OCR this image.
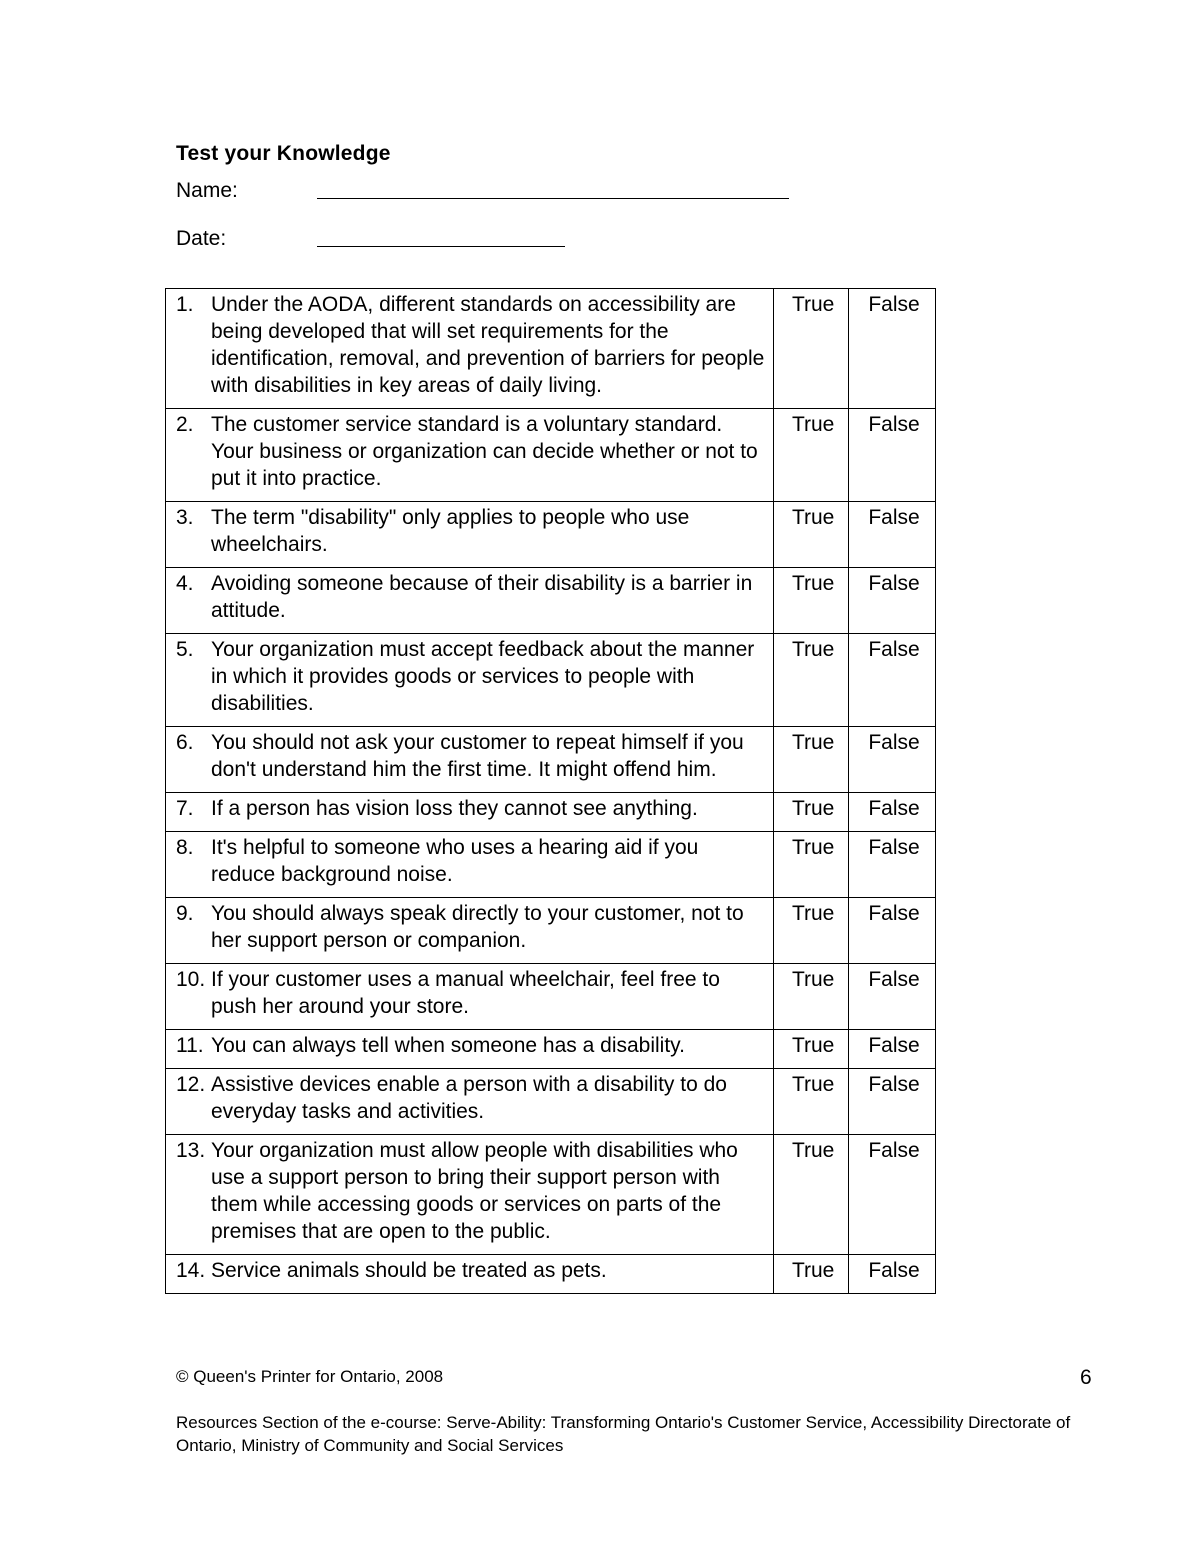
Test your Knowledge
Name:
Date:
1. Under the AODA, different standards on accessibility are being developed that will set requirements for the identification, removal, and prevention of barriers for people with disabilities in key areas of daily living.	True	False

2. The customer service standard is a voluntary standard. Your business or organization can decide whether or not to put it into practice.	True	False

3. The term "disability" only applies to people who use wheelchairs.	True	False

4. Avoiding someone because of their disability is a barrier in attitude.	True	False

5. Your organization must accept feedback about the manner in which it provides goods or services to people with disabilities.	True	False

6. You should not ask your customer to repeat himself if you don't understand him the first time. It might offend him.	True	False

7. If a person has vision loss they cannot see anything.	True	False

8. It's helpful to someone who uses a hearing aid if you reduce background noise.	True	False

9. You should always speak directly to your customer, not to her support person or companion.	True	False

10. If your customer uses a manual wheelchair, feel free to push her around your store.	True	False

11. You can always tell when someone has a disability.	True	False

12. Assistive devices enable a person with a disability to do everyday tasks and activities.	True	False

13. Your organization must allow people with disabilities who use a support person to bring their support person with them while accessing goods or services on parts of the premises that are open to the public.	True	False

14. Service animals should be treated as pets.	True	False
© Queen's Printer for Ontario, 2008	6
Resources Section of the e-course: Serve-Ability: Transforming Ontario's Customer Service, Accessibility Directorate of Ontario, Ministry of Community and Social Services
